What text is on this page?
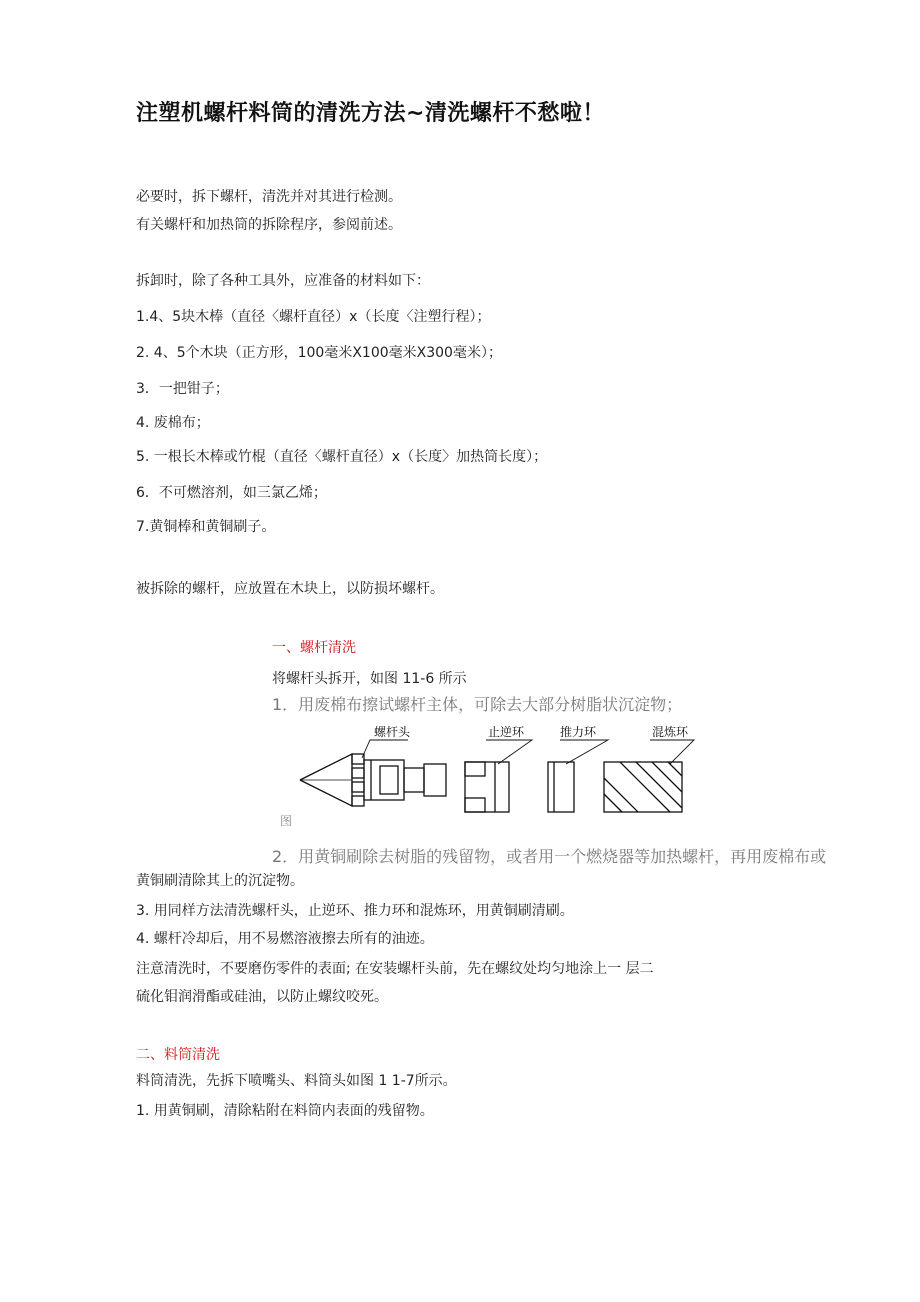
注塑机螺杆料筒的清洗方法~清洗螺杆不愁啦！
必要时，拆下螺杆，清洗并对其进行检测。
有关螺杆和加热筒的拆除程序，参阅前述。
拆卸时，除了各种工具外，应准备的材料如下：
1.4、5块木棒（直径〈螺杆直径）x（长度〈注塑行程）；
2. 4、5个木块（正方形，100毫米X100毫米X300毫米）；
3．一把钳子；
4. 废棉布；
5. 一根长木棒或竹棍（直径〈螺杆直径）x（长度〉加热筒长度）；
6．不可燃溶剂，如三氯乙烯；
7.黄铜棒和黄铜刷子。
被拆除的螺杆，应放置在木块上，以防损坏螺杆。
一、螺杆清洗
将螺杆头拆开，如图 11-6 所示
1．用废棉布擦试螺杆主体，可除去大部分树脂状沉淀物；
螺杆头	止逆环	推力环	混炼环
图
2．用黄铜刷除去树脂的残留物，或者用一个燃烧器等加热螺杆，再用废棉布或
黄铜刷清除其上的沉淀物。
3. 用同样方法清洗螺杆头，止逆环、推力环和混炼环，用黄铜刷清刷。
4. 螺杆冷却后，用不易燃溶液擦去所有的油迹。
注意清洗时，不要磨伤零件的表面; 在安装螺杆头前，先在螺纹处均匀地涂上一 层二
硫化钼润滑酯或硅油，以防止螺纹咬死。
二、料筒清洗
料筒清洗，先拆下喷嘴头、料筒头如图 1 1-7所示。
1. 用黄铜刷，清除粘附在料筒内表面的残留物。
